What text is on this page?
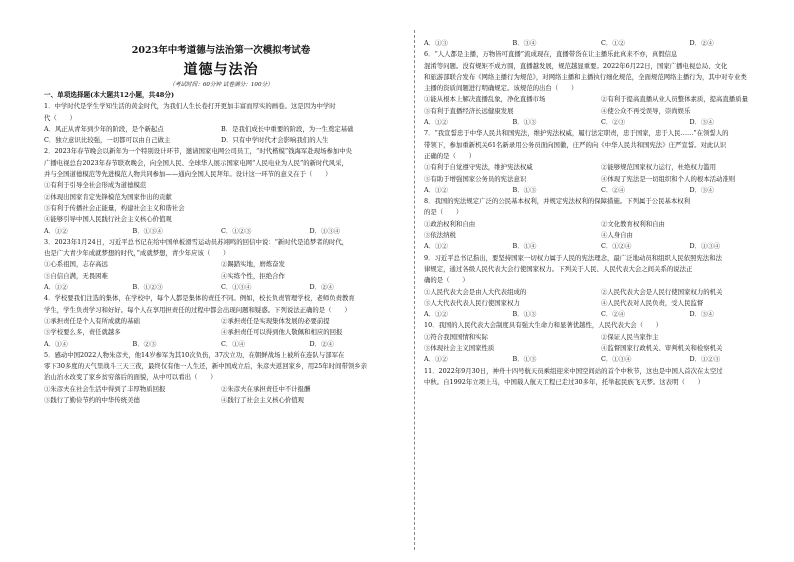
2023年中考道德与法治第一次模拟考试卷
道德与法治
（考试时间：60分钟 试卷满分：100分）
一、单项选择题(本大题共12小题，共48分)
1．中学时代是学生学知生活的黄金时代，为我们人生长卷打开更加丰富而厚实的画卷。这是因为中学时
代（　　）
A．风正从青年到少年的阶段，是个新起点	B．是我们成长中重要的阶段，为一生奠定基础
C．独立意识比较强，一切都可以由自己做主	D．只有中学时代才会影响我们的人生
2．2023年春节晚会以新年为一个特别设计环节，邀请国家电网公司员工，“时代楷模”钱海军赴现场参加中央
广播电视总台2023年春节联欢晚会，向全国人民、全球华人展示国家电网“人民电业为人民”的新时代风采，
并与全国道德模范等先进模范人物共同参加——通向全国人民拜年。设计这一环节的意义在于（　　）
①有利于引导全社会形成为道德模范
②体现出国家肯定先锋模范为国家作出的贡献
③有利于传播社会正能量，构建社会主义和谐社会
④能够引导中国人民践行社会主义核心价值观
A．①②	B．①③④	C．①②③	D．①③④
3．2023年1月24日，习近平总书记在给中国单板滑雪运动员苏翊鸣的回信中说：“新时代是追梦者的时代，
也是广大青少年成就梦想的时代，”成就梦想，青少年应该（　　）
①心系祖国，志存高远	②踢踏实地，磨炼奋发
③自信自满，无畏困难	④实练个性，拒绝合作
A．①②	B．①②③	C．①③④	D．②④
4．学校要我们注选的集体，在学校中，每个人都是集体的责任不同。例如，校长负责管理学校，老师负责教育
学生，学生负责学习和好好。每个人在享用担责任的过程中都会出现问题和疑惑。下列说法正确的是（　　）
①承担责任是个人有所成就的基础	②承担责任是实现集体发展的必要前提
③学校要么多，责任就越多	④承担责任可以得到他人敬佩和相应的回报
A．①④	B．②③	C．①④	D．②④
5．感动中国2022人物朱彦夫，他14岁参军为其10次负伤，37次立功，在朝鲜战场上被所在连队与部军在
零下30多度的天气里战斗三天三夜，最终仅有他一人生还，新中国成立后，朱彦夫返回家乡，用25年时间带领乡亲
治山治水改变了家乡贫穷落后的面貌，从中可以看出（　　）
①朱彦夫在社会生活中得到了丰厚物质回报	②朱彦夫在承担责任中不计报酬
③践行了勤俭节约的中华传统美德	④践行了社会主义核心价值观
A．①③	B．③④	C．①②	D．②④
6．“人人都是主播，万物皆可直播”流成现在，直播带货在让主播乐此真来不亦，真假信息
混淆等问题。没有规矩不成方圆，直播越发展，规范越显重要。2022年6月22日，国家广播电视总局、文化
和旅游部联合发布《网络主播行为规范》，对网络主播和主播执行细化规范，全面规范网络主播行为，其中对专业类
主播的资质间题进行明确规定。该规范的出台（　　）
①能从根本上解决直播乱象，净化直播市场	②有利于提高直播从业人员整体素质，提高直播质量
③有利于直播经济长远健康发展	④使公众不再受误导，崇尚娱乐
A．①②	B．①③	C．②③	D．③④
7．“我宣誓忠于中华人民共和国宪法，维护宪法权威，履行法定职责，忠于国家，忠于人民……”在领誓人的
带领下，参加重新机关61名新录用公务员面向国徽，庄严的向《中华人民共和国宪法》庄严宣誓。对此认识
正确的是（　　）
①有利于自觉遵守宪法，维护宪法权威	②能够规范国家权力运行，杜绝权力滥用
③有助于增强国家公务员的宪法意识	④体现了宪法是一切组织和个人的根本活动准则
A．①②	B．①③	C．②④	D．③④
8．我国的宪法规定广泛的公民基本权利，并规定宪法权利的保障措施。下列属于公民基本权利
的是（　　）
①政治权利和自由	②文化教育权利和自由
③依法纳税	④人身自由
A．①②	B．①④	C．①②④	D．①③④
9．习近平总书记指出，要坚持国家一切权力属于人民的宪法理念，最广泛地动员和组织人民依照宪法和法
律规定，通过各级人民代表大会行使国家权力。下列关于人民、人民代表大会之间关系的说法正
确的是（　　）
①人民代表大会是由人大代表组成的	②人民代表大会是人民行使国家权力的机关
③人大代表代表人民行使国家权力	④人民代表对人民负责，受人民监督
A．①②	B．①③	C．②④	D．③④
10．我国的人民代表大会制度具有强大生命力和显著优越性，人民代表大会（　　）
①符合我国国情和实际	②保证人民当家作主
③体现社会主义国家性质	④监督国家行政机关、审判机关和检察机关
A．①②	B．①③	C．①③④	D．①②③
11．2022年9月30日，神舟十四号航天员乘组迎来中国空间站的首个中秋节，这也是中国人首次在太空过
中秋。自1992年立项上马，中国载人航天工程已走过30多年，托举起民族飞天梦。这表明（　　）
